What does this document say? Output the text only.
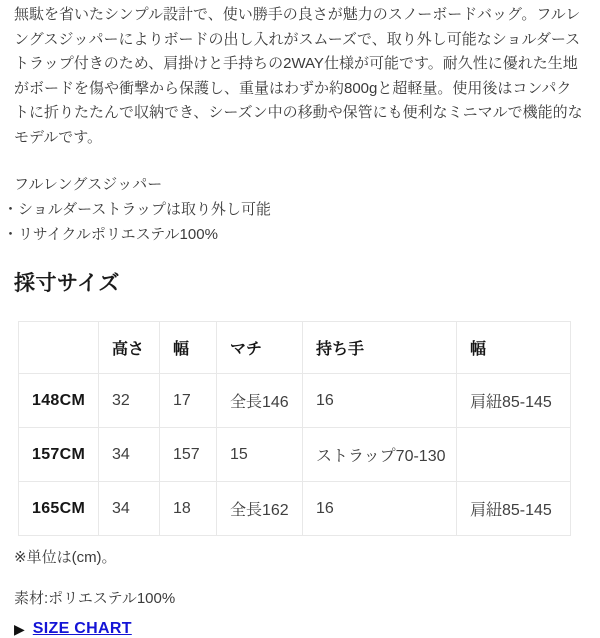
無駄を省いたシンプル設計で、使い勝手の良さが魅力のスノーボードバッグ。フルレングスジッパーによりボードの出し入れがスムーズで、取り外し可能なショルダーストラップ付きのため、肩掛けと手持ちの2WAY仕様が可能です。耐久性に優れた生地がボードを傷や衝撃から保護し、重量はわずか約800gと超軽量。使用後はコンパクトに折りたたんで収納でき、シーズン中の移動や保管にも便利なミニマルで機能的なモデルです。

フルレングスジッパー
・ショルダーストラップは取り外し可能
・リサイクルポリエステル100%
採寸サイズ
	高さ	幅	マチ	持ち手	幅
148CM	32	17	全長146	16	肩紐85-145
157CM	34	157	15	ストラップ70-130	
165CM	34	18	全長162	16	肩紐85-145
※単位は(cm)。
素材:ポリエステル100%
▶ SIZE CHART
